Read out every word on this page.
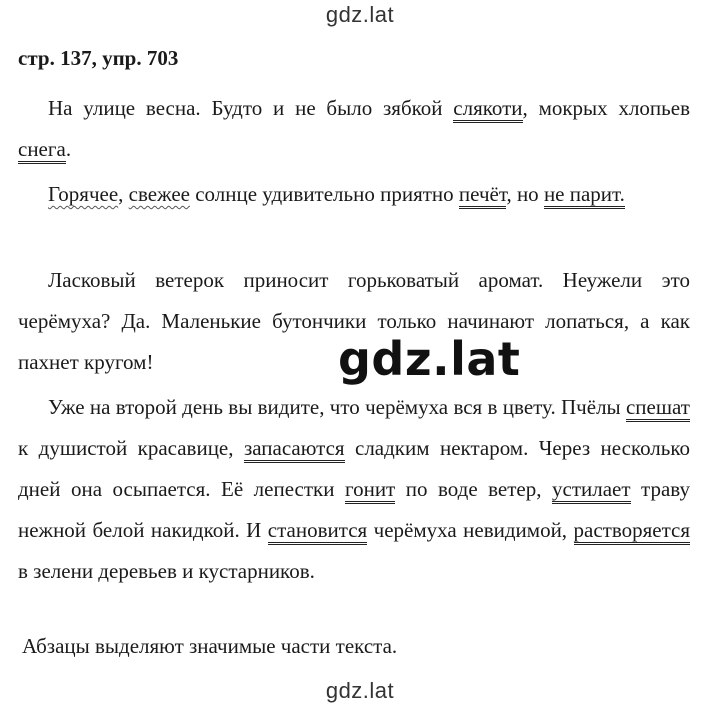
gdz.lat
стр. 137, упр. 703
На улице весна. Будто и не было зябкой слякоти, мокрых хлопьев снега.
Горячее, свежее солнце удивительно приятно печёт, но не парит.
Ласковый ветерок приносит горьковатый аромат. Неужели это черёмуха? Да. Маленькие бутончики только начинают лопаться, а как пахнет кругом!
Уже на второй день вы видите, что черёмуха вся в цвету. Пчёлы спешат к душистой красавице, запасаются сладким нектаром. Через несколько дней она осыпается. Её лепестки гонит по воде ветер, устилает траву нежной белой накидкой. И становится черёмуха невидимой, растворяется в зелени деревьев и кустарников.
Абзацы выделяют значимые части текста.
gdz.lat
gdz.lat
